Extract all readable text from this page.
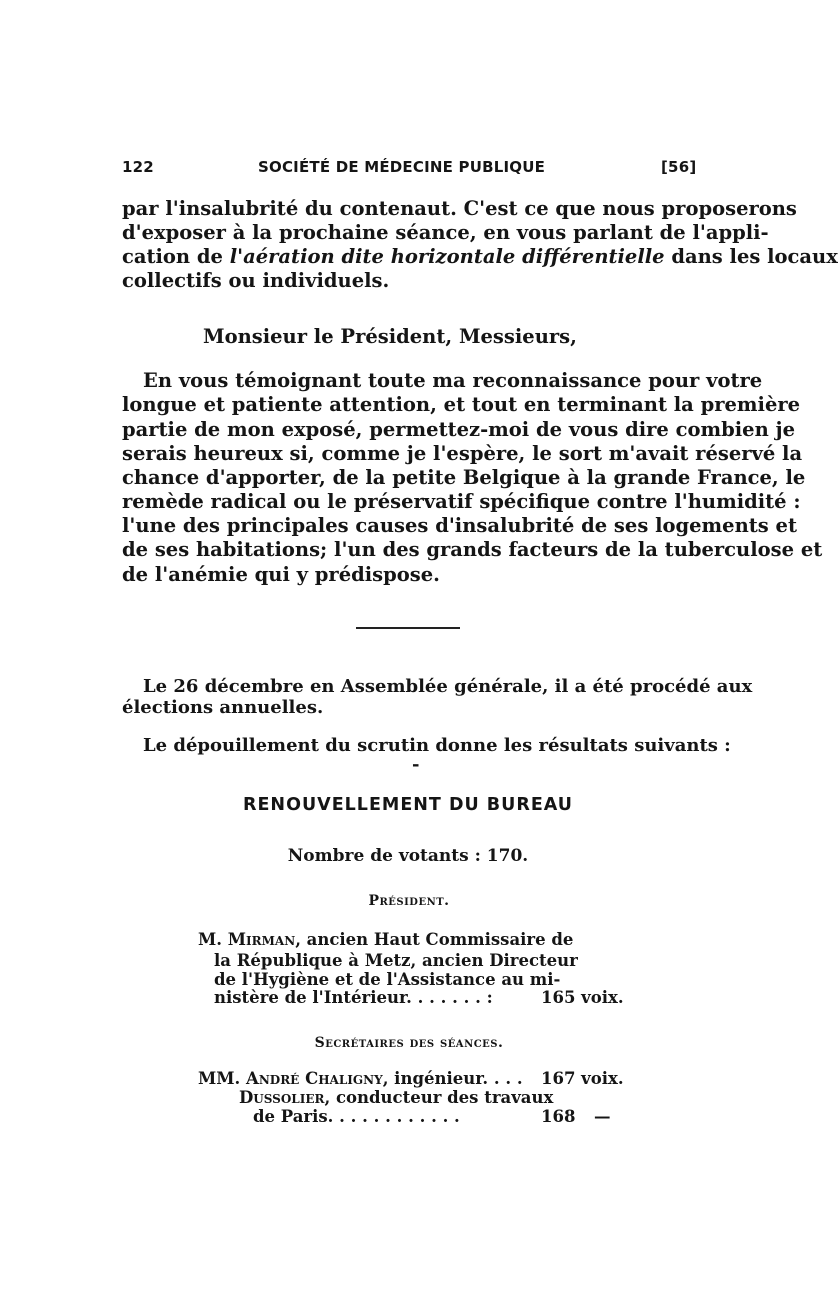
122	SOCIÉTÉ DE MÉDECINE PUBLIQUE	[56]
par l'insalubrité du contenaut. C'est ce que nous proposerons
d'exposer à la prochaine séance, en vous parlant de l'appli-
cation de l'aération dite horizontale différentielle dans les locaux
collectifs ou individuels.
Monsieur le Président, Messieurs,
En vous témoignant toute ma reconnaissance pour votre
longue et patiente attention, et tout en terminant la première
partie de mon exposé, permettez-moi de vous dire combien je
serais heureux si, comme je l'espère, le sort m'avait réservé la
chance d'apporter, de la petite Belgique à la grande France, le
remède radical ou le préservatif spécifique contre l'humidité :
l'une des principales causes d'insalubrité de ses logements et
de ses habitations; l'un des grands facteurs de la tuberculose et
de l'anémie qui y prédispose.
Le 26 décembre en Assemblée générale, il a été procédé aux
élections annuelles.
Le dépouillement du scrutin donne les résultats suivants :
-
RENOUVELLEMENT DU BUREAU
Nombre de votants : 170.
Président.
M. Mirman, ancien Haut Commissaire de
la République à Metz, ancien Directeur
de l'Hygiène et de l'Assistance au mi-
nistère de l'Intérieur. . . . . . . :	165 voix.
Secrétaires des séances.
MM. André Chaligny, ingénieur. . . . 167 voix.
Dussolier, conducteur des travaux
de Paris. . . . . . . . . . . .	168 —
